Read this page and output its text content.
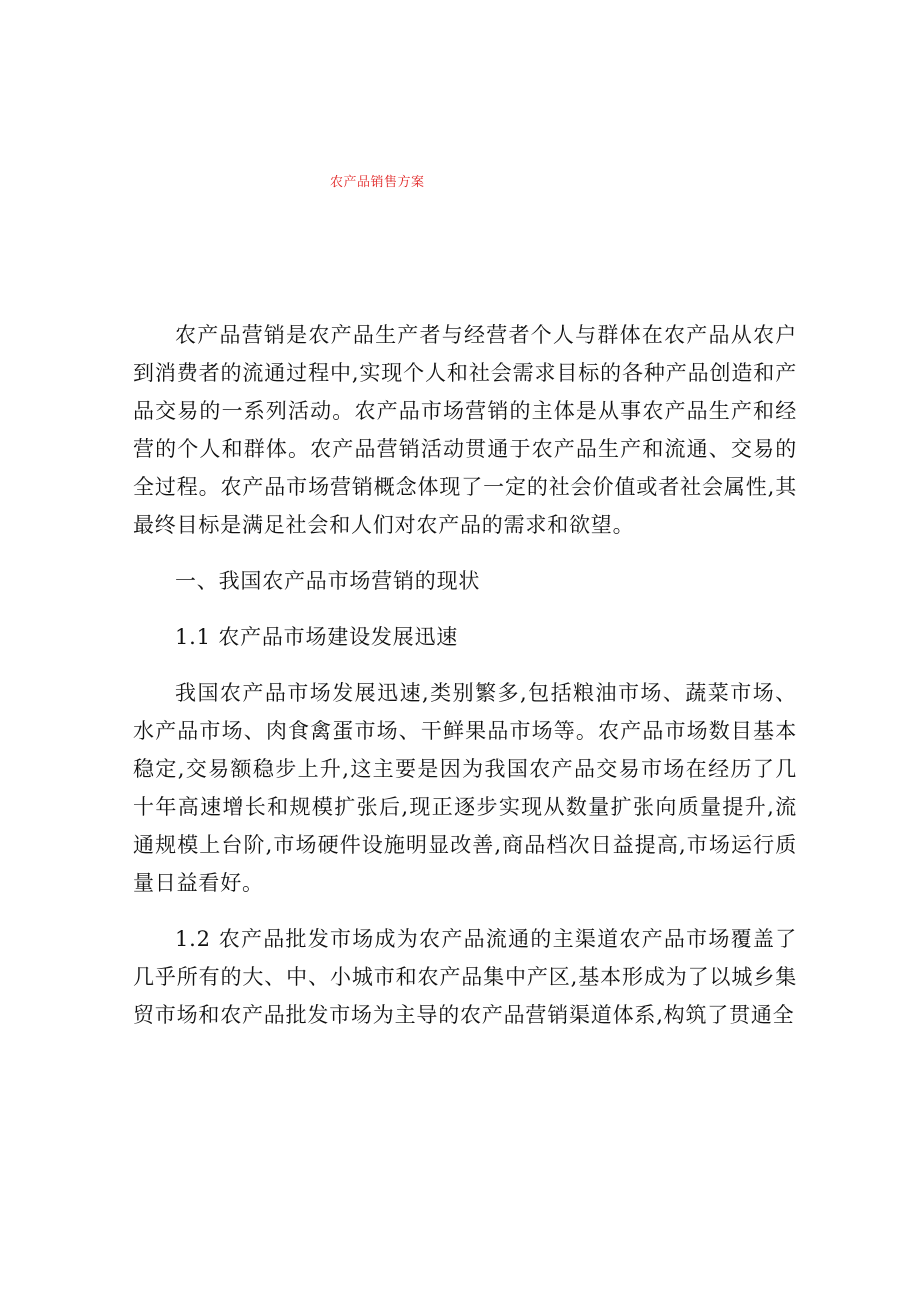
农产品销售方案

农产品营销是农产品生产者与经营者个人与群体在农产品从农户到消费者的流通过程中,实现个人和社会需求目标的各种产品创造和产品交易的一系列活动。农产品市场营销的主体是从事农产品生产和经营的个人和群体。农产品营销活动贯通于农产品生产和流通、交易的全过程。农产品市场营销概念体现了一定的社会价值或者社会属性,其最终目标是满足社会和人们对农产品的需求和欲望。

一、我国农产品市场营销的现状

1.1 农产品市场建设发展迅速

我国农产品市场发展迅速,类别繁多,包括粮油市场、蔬菜市场、水产品市场、肉食禽蛋市场、干鲜果品市场等。农产品市场数目基本稳定,交易额稳步上升,这主要是因为我国农产品交易市场在经历了几十年高速增长和规模扩张后,现正逐步实现从数量扩张向质量提升,流通规模上台阶,市场硬件设施明显改善,商品档次日益提高,市场运行质量日益看好。

1.2 农产品批发市场成为农产品流通的主渠道农产品市场覆盖了几乎所有的大、中、小城市和农产品集中产区,基本形成为了以城乡集贸市场和农产品批发市场为主导的农产品营销渠道体系,构筑了贯通全
